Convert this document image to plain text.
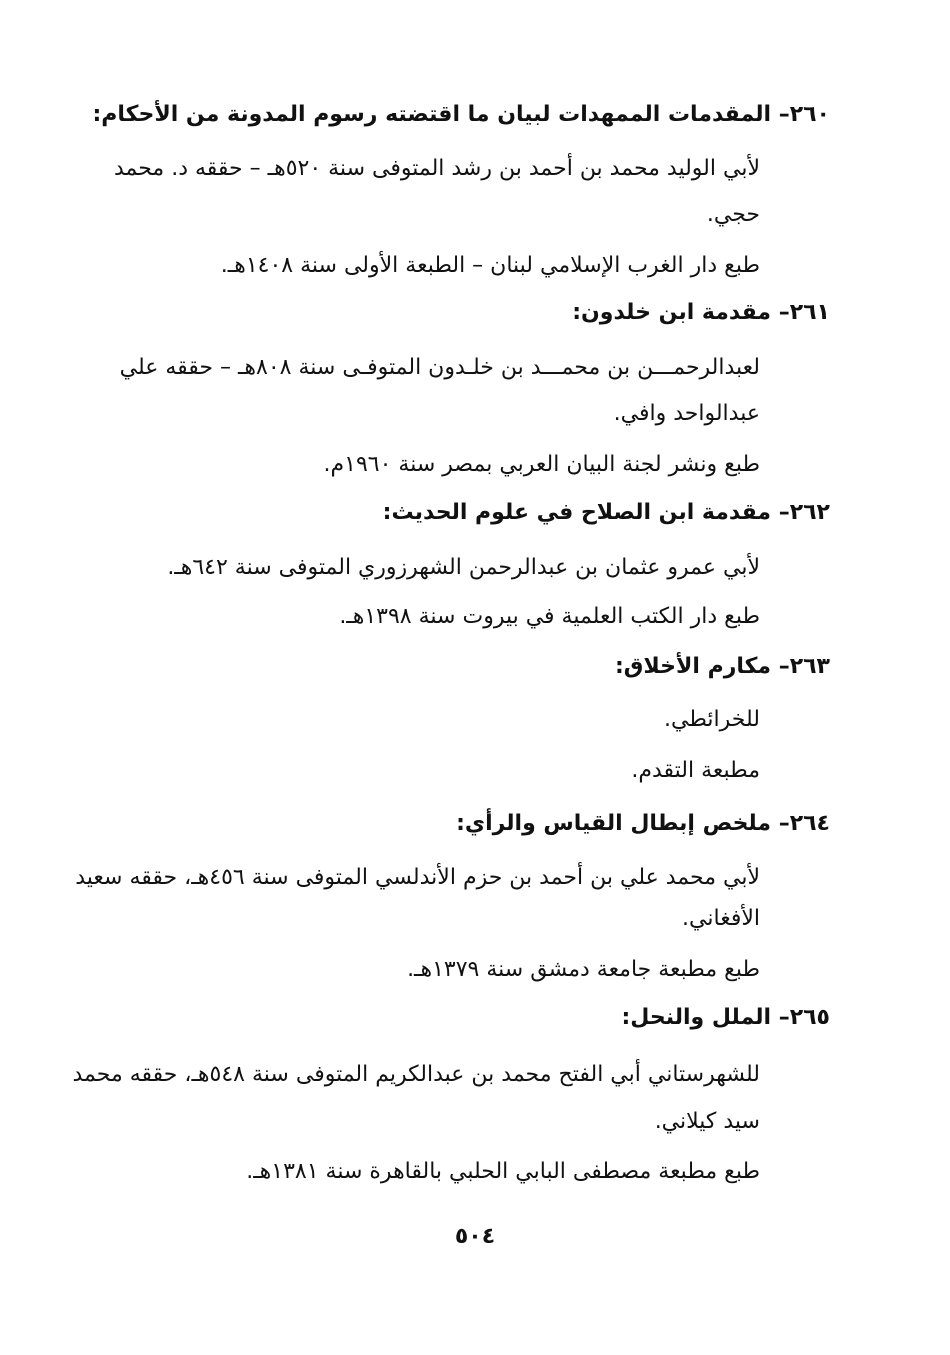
٢٦٠– المقدمات الممهدات لبيان ما اقتضته رسوم المدونة من الأحكام:
لأبي الوليد محمد بن أحمد بن رشد المتوفى سنة ٥٢٠هـ – حققه د. محمد
حجي.
طبع دار الغرب الإسلامي لبنان – الطبعة الأولى سنة ١٤٠٨هـ.
٢٦١– مقدمة ابن خلدون:
لعبدالرحمـــن بن محمـــد بن خلـدون المتوفـى سنة ٨٠٨هـ – حققه علي
عبدالواحد وافي.
طبع ونشر لجنة البيان العربي بمصر سنة ١٩٦٠م.
٢٦٢– مقدمة ابن الصلاح في علوم الحديث:
لأبي عمرو عثمان بن عبدالرحمن الشهرزوري المتوفى سنة ٦٤٢هـ.
طبع دار الكتب العلمية في بيروت سنة ١٣٩٨هـ.
٢٦٣– مكارم الأخلاق:
للخرائطي.
مطبعة التقدم.
٢٦٤– ملخص إبطال القياس والرأي:
لأبي محمد علي بن أحمد بن حزم الأندلسي المتوفى سنة ٤٥٦هـ، حققه سعيد
الأفغاني.
طبع مطبعة جامعة دمشق سنة ١٣٧٩هـ.
٢٦٥– الملل والنحل:
للشهرستاني أبي الفتح محمد بن عبدالكريم المتوفى سنة ٥٤٨هـ، حققه محمد
سيد كيلاني.
طبع مطبعة مصطفى البابي الحلبي بالقاهرة سنة ١٣٨١هـ.
٥٠٤
